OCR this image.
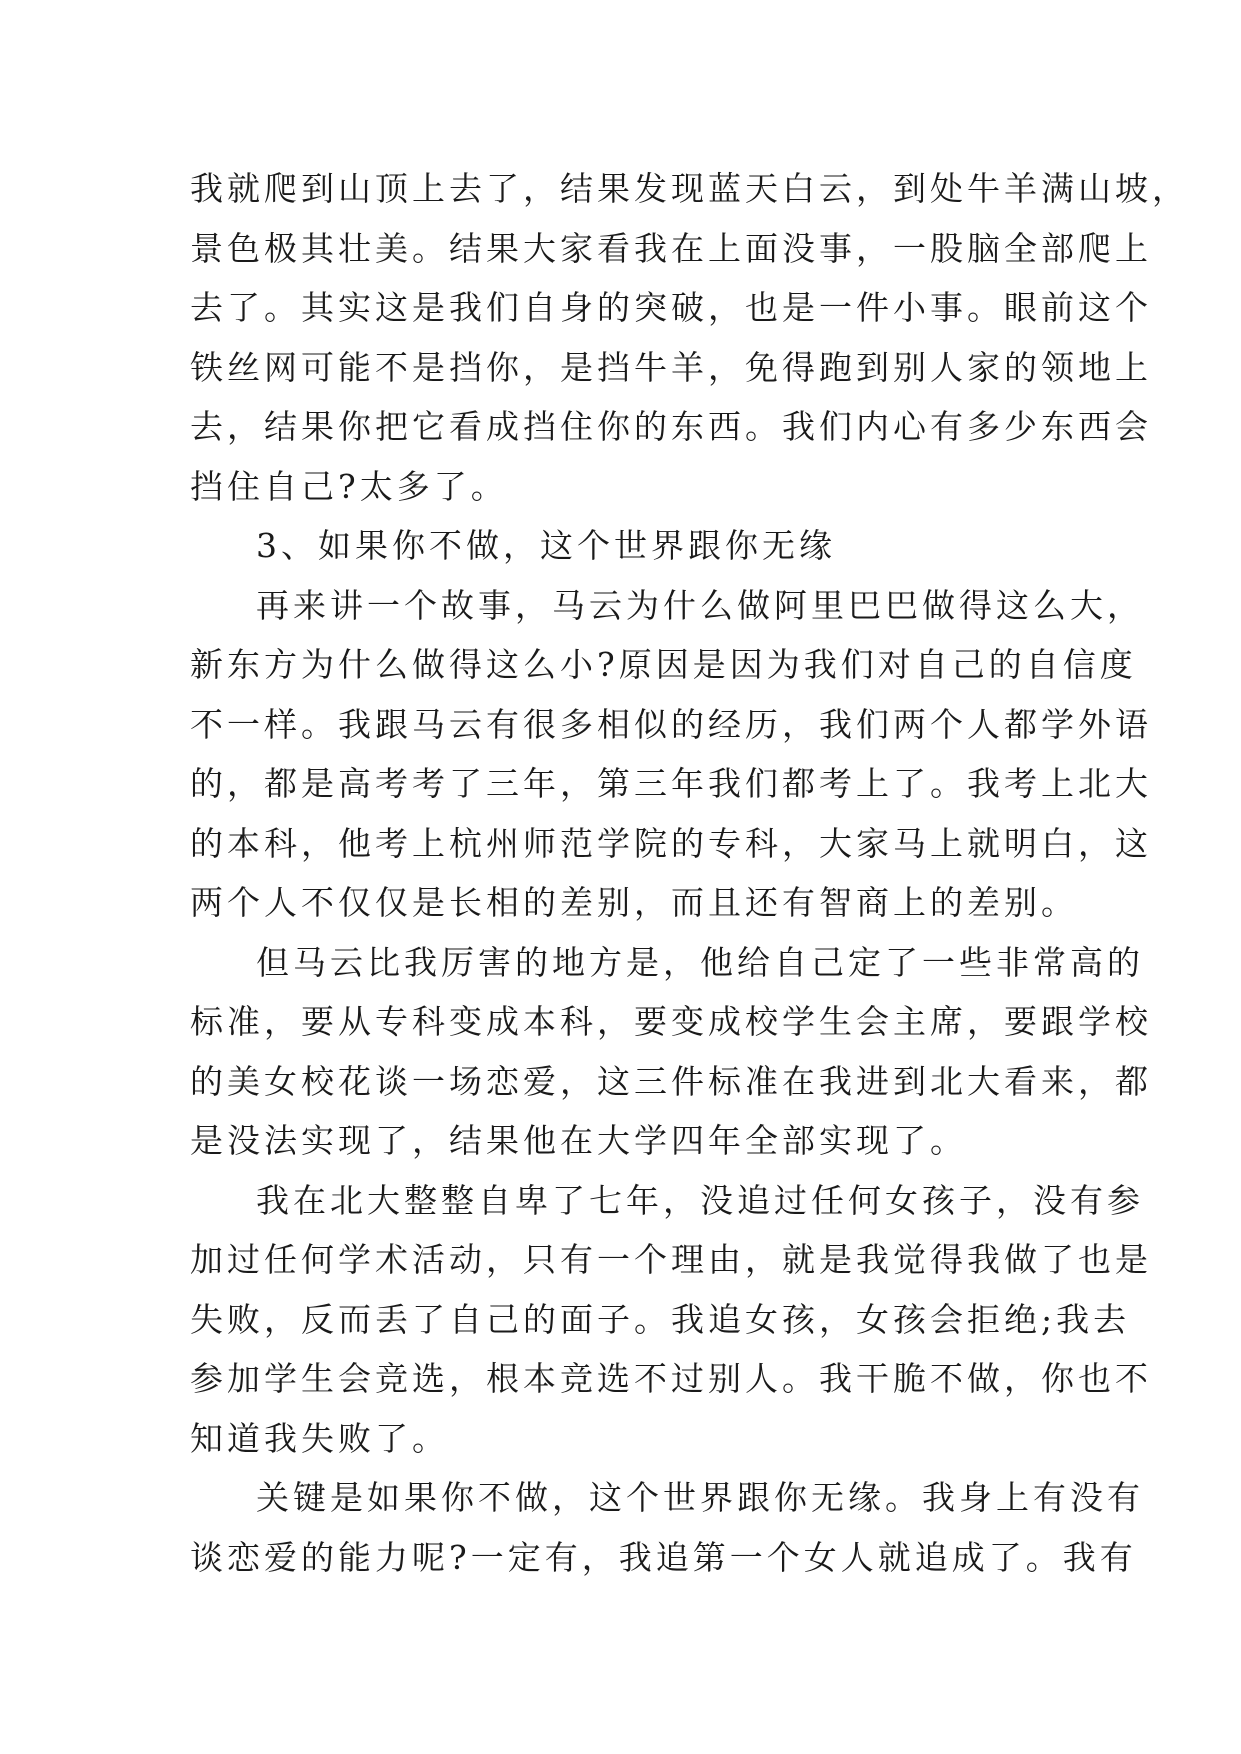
我就爬到山顶上去了，结果发现蓝天白云，到处牛羊满山坡，
景色极其壮美。结果大家看我在上面没事，一股脑全部爬上
去了。其实这是我们自身的突破，也是一件小事。眼前这个
铁丝网可能不是挡你，是挡牛羊，免得跑到别人家的领地上
去，结果你把它看成挡住你的东西。我们内心有多少东西会
挡住自己?太多了。
3、如果你不做，这个世界跟你无缘
再来讲一个故事，马云为什么做阿里巴巴做得这么大，
新东方为什么做得这么小?原因是因为我们对自己的自信度
不一样。我跟马云有很多相似的经历，我们两个人都学外语
的，都是高考考了三年，第三年我们都考上了。我考上北大
的本科，他考上杭州师范学院的专科，大家马上就明白，这
两个人不仅仅是长相的差别，而且还有智商上的差别。
但马云比我厉害的地方是，他给自己定了一些非常高的
标准，要从专科变成本科，要变成校学生会主席，要跟学校
的美女校花谈一场恋爱，这三件标准在我进到北大看来，都
是没法实现了，结果他在大学四年全部实现了。
我在北大整整自卑了七年，没追过任何女孩子，没有参
加过任何学术活动，只有一个理由，就是我觉得我做了也是
失败，反而丢了自己的面子。我追女孩，女孩会拒绝;我去
参加学生会竞选，根本竞选不过别人。我干脆不做，你也不
知道我失败了。
关键是如果你不做，这个世界跟你无缘。我身上有没有
谈恋爱的能力呢?一定有，我追第一个女人就追成了。我有
